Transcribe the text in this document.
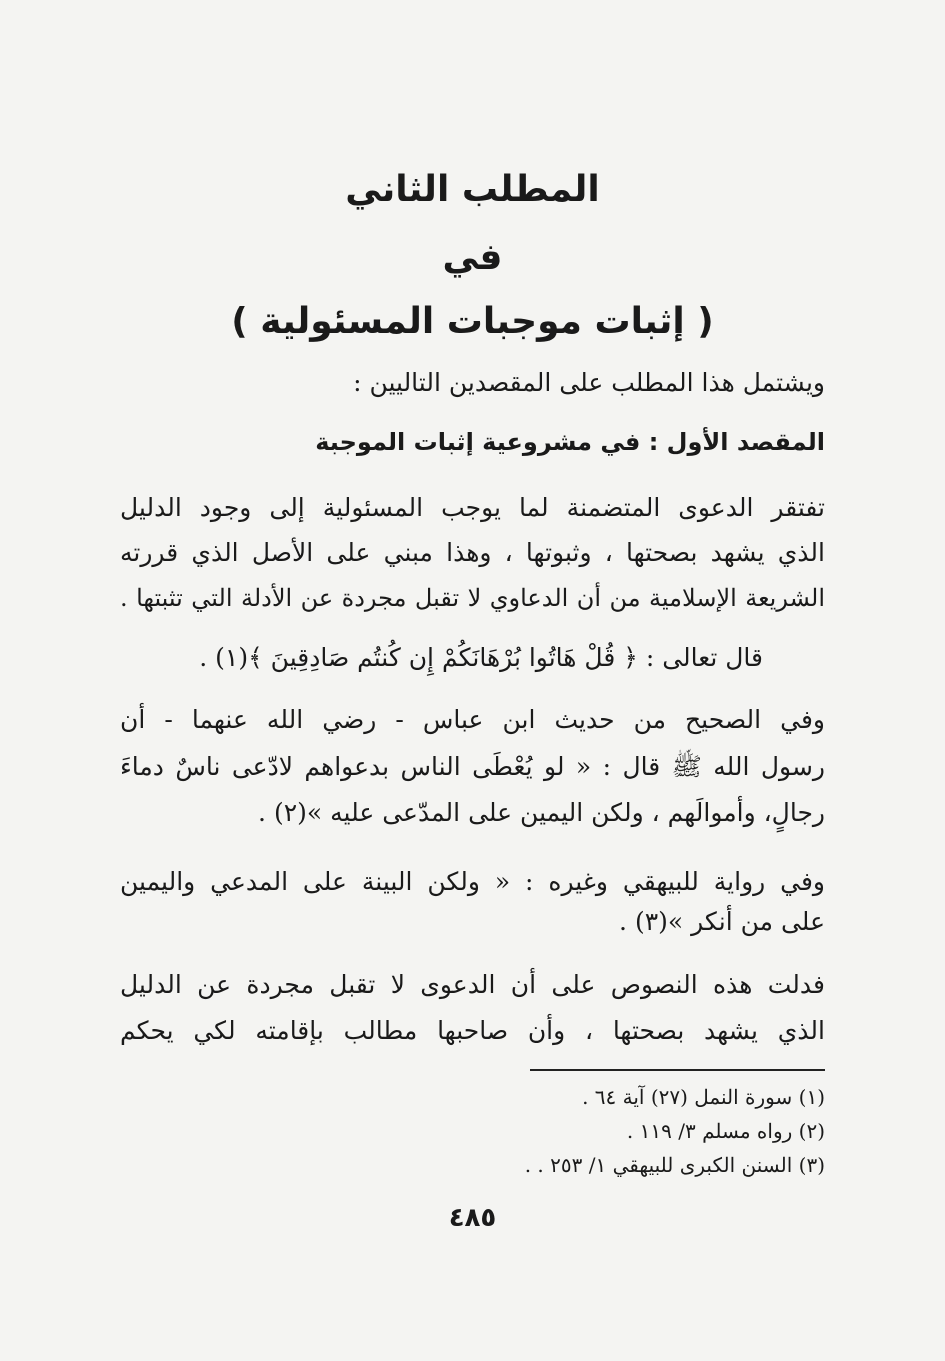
المطلب الثاني
في
( إثبات موجبات المسئولية )
ويشتمل هذا المطلب على المقصدين التاليين :
المقصد الأول : في مشروعية إثبات الموجبة
تفتقر الدعوى المتضمنة لما يوجب المسئولية إلى وجود الدليل
الذي يشهد بصحتها ، وثبوتها ، وهذا مبني على الأصل الذي قررته
الشريعة الإسلامية من أن الدعاوي لا تقبل مجردة عن الأدلة التي تثبتها .
قال تعالى : ﴿ قُلْ هَاتُوا بُرْهَانَكُمْ إِن كُنتُم صَادِقِينَ ﴾(١) .
وفي الصحيح من حديث ابن عباس - رضي الله عنهما - أن
رسول الله ﷺ قال : « لو يُعْطَى الناس بدعواهم لادّعى ناسٌ دماءَ
رجالٍ، وأموالَهم ، ولكن اليمين على المدّعى عليه »(٢) .
وفي رواية للبيهقي وغيره : « ولكن البينة على المدعي واليمين
على من أنكر »(٣) .
فدلت هذه النصوص على أن الدعوى لا تقبل مجردة عن الدليل
الذي يشهد بصحتها ، وأن صاحبها مطالب بإقامته لكي يحكم
(١) سورة النمل (٢٧) آية ٦٤ .
(٢) رواه مسلم ٣/ ١١٩ .
(٣) السنن الكبرى للبيهقي ١/ ٢٥٣ . .
٤٨٥
